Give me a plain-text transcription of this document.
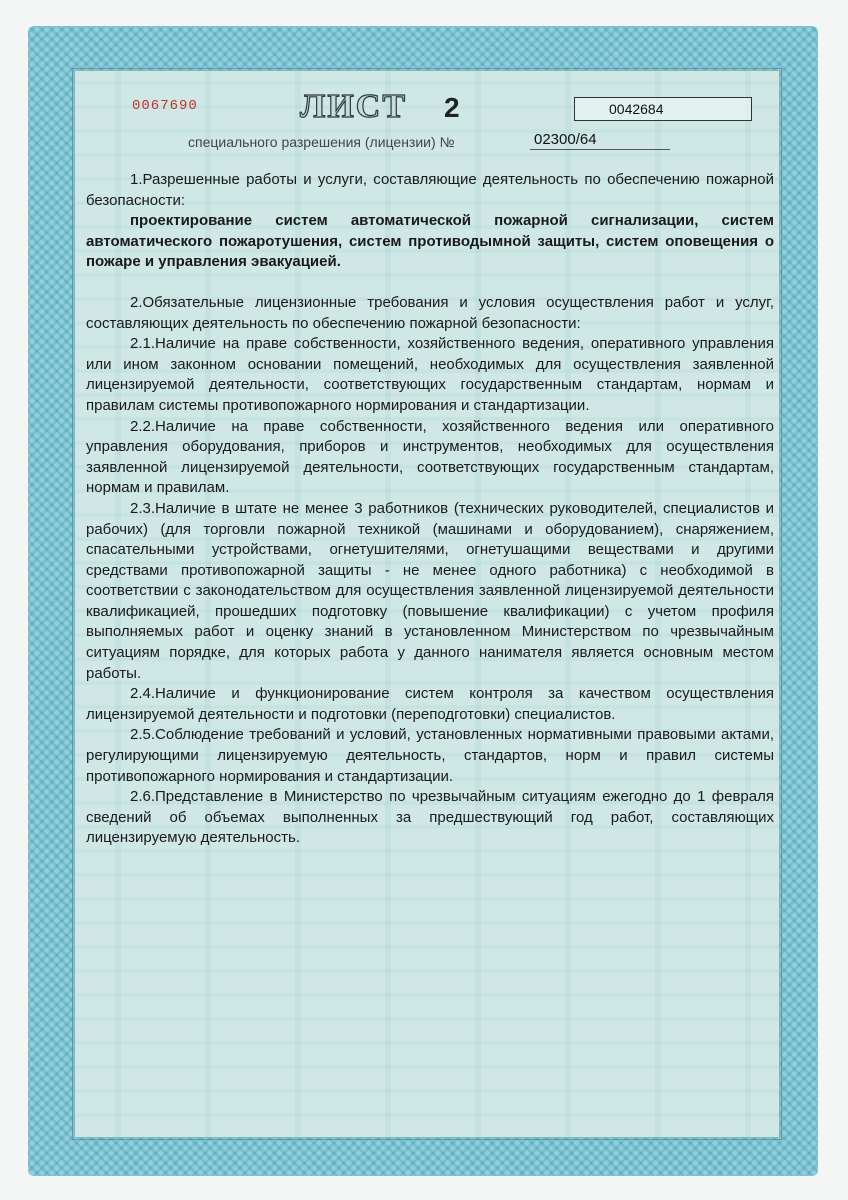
0067690	ЛИСТ 2	0042684
специального разрешения (лицензии) №	02300/64

1.Разрешенные работы и услуги, составляющие деятельность по обеспечению пожарной безопасности:

проектирование систем автоматической пожарной сигнализации, систем автоматического пожаротушения, систем противодымной защиты, систем оповещения о пожаре и управления эвакуацией.

2.Обязательные лицензионные требования и условия осуществления работ и услуг, составляющих деятельность по обеспечению пожарной безопасности:

2.1.Наличие на праве собственности, хозяйственного ведения, оперативного управления или ином законном основании помещений, необходимых для осуществления заявленной лицензируемой деятельности, соответствующих государственным стандартам, нормам и правилам системы противопожарного нормирования и стандартизации.

2.2.Наличие на праве собственности, хозяйственного ведения или оперативного управления оборудования, приборов и инструментов, необходимых для осуществления заявленной лицензируемой деятельности, соответствующих государственным стандартам, нормам и правилам.

2.3.Наличие в штате не менее 3 работников (технических руководителей, специалистов и рабочих) (для торговли пожарной техникой (машинами и оборудованием), снаряжением, спасательными устройствами, огнетушителями, огнетушащими веществами и другими средствами противопожарной защиты - не менее одного работника) с необходимой в соответствии с законодательством для осуществления заявленной лицензируемой деятельности квалификацией, прошедших подготовку (повышение квалификации) с учетом профиля выполняемых работ и оценку знаний в установленном Министерством по чрезвычайным ситуациям порядке, для которых работа у данного нанимателя является основным местом работы.

2.4.Наличие и функционирование систем контроля за качеством осуществления лицензируемой деятельности и подготовки (переподготовки) специалистов.

2.5.Соблюдение требований и условий, установленных нормативными правовыми актами, регулирующими лицензируемую деятельность, стандартов, норм и правил системы противопожарного нормирования и стандартизации.

2.6.Представление в Министерство по чрезвычайным ситуациям ежегодно до 1 февраля сведений об объемах выполненных за предшествующий год работ, составляющих лицензируемую деятельность.
